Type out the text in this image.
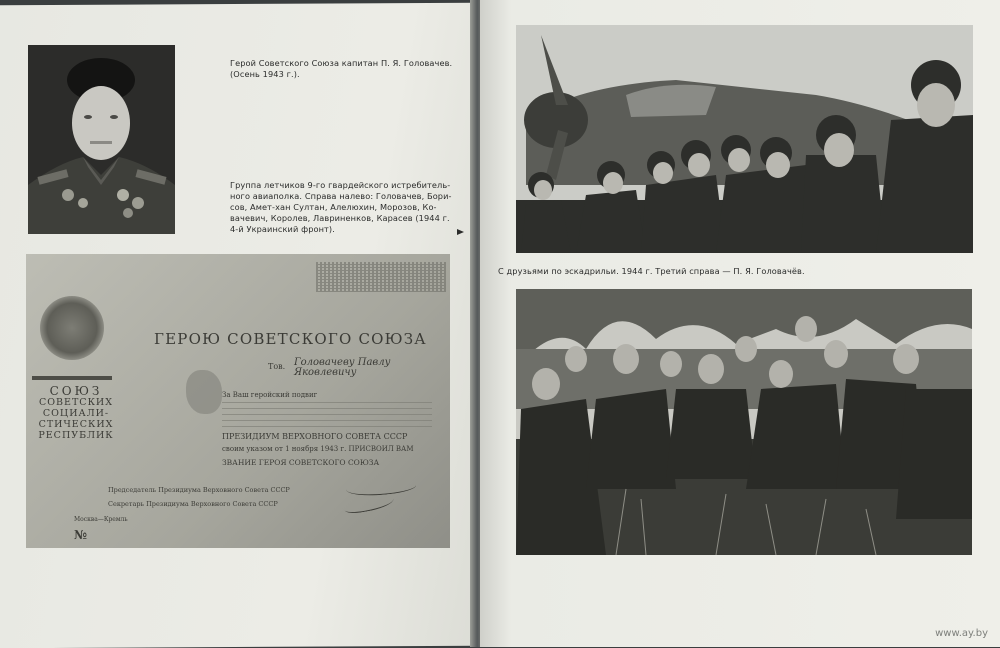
Герой Советского Союза капитан П. Я. Головачев. (Осень 1943 г.).
Группа летчиков 9-го гвардейского истребитель-
ного авиаполка. Справа налево: Головачев, Бори-
сов, Амет-хан Султан, Алелюхин, Морозов, Ко-
вачевич, Королев, Лавриненков, Карасев (1944 г.
4-й Украинский фронт).
СОЮЗ
СОВЕТСКИХ
СОЦИАЛИ-
СТИЧЕСКИХ
РЕСПУБЛИК
ГЕРОЮ СОВЕТСКОГО СОЮЗА
Тов. Головачеву Павлу Яковлевичу
За Ваш геройский подвиг
ПРЕЗИДИУМ ВЕРХОВНОГО СОВЕТА СССР
своим указом от 1 ноября 1943 г. ПРИСВОИЛ ВАМ
ЗВАНИЕ ГЕРОЯ СОВЕТСКОГО СОЮЗА
Председатель Президиума Верховного Совета СССР
Секретарь Президиума Верховного Совета СССР
Москва—Кремль
№
С друзьями по эскадрильи. 1944 г. Третий справа — П. Я. Головачёв.
www.ay.by
